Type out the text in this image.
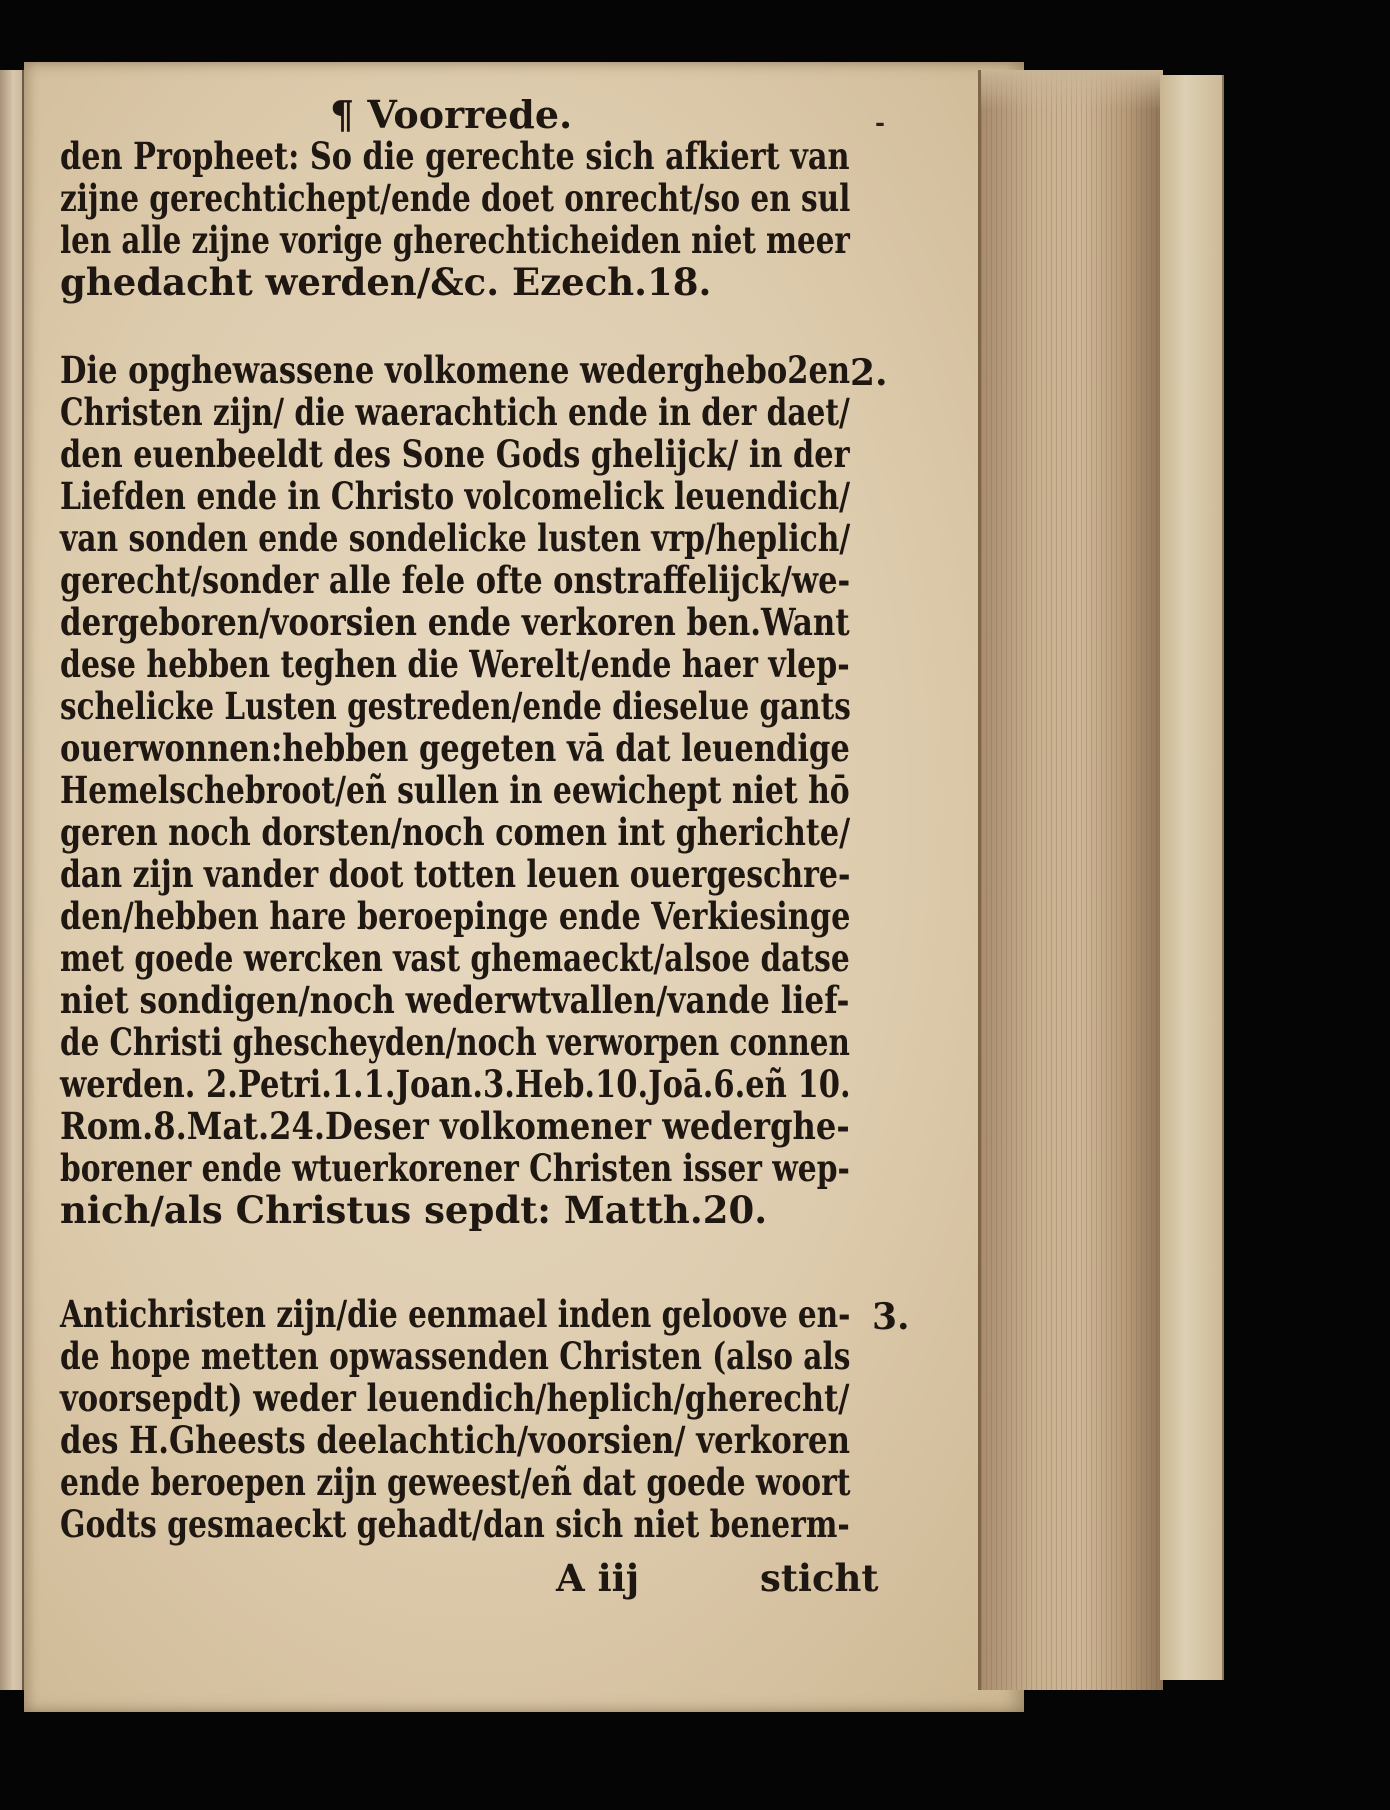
¶ Voorrede.	-
den Propheet: So die gerechte sich afkiert van
zijne gerechtichept/ende doet onrecht/so en sul
len alle zijne vorige gherechticheiden niet meer
ghedacht werden/&c. Ezech.18.
2.
Die opghewassene volkomene wederghebo2en
Christen zijn/ die waerachtich ende in der daet/
den euenbeeldt des Sone Gods ghelijck/ in der
Liefden ende in Christo volcomelick leuendich/
van sonden ende sondelicke lusten vrp/heplich/
gerecht/sonder alle fele ofte onstraffelijck/we-
dergeboren/voorsien ende verkoren ben.Want
dese hebben teghen die Werelt/ende haer vlep-
schelicke Lusten gestreden/ende dieselue gants
ouerwonnen:hebben gegeten vā dat leuendige
Hemelschebroot/eñ sullen in eewichept niet hō
geren noch dorsten/noch comen int gherichte/
dan zijn vander doot totten leuen ouergeschre-
den/hebben hare beroepinge ende Verkiesinge
met goede wercken vast ghemaeckt/alsoe datse
niet sondigen/noch wederwtvallen/vande lief-
de Christi ghescheyden/noch verworpen connen
werden. 2.Petri.1.1.Joan.3.Heb.10.Joā.6.eñ 10.
Rom.8.Mat.24.Deser volkomener wederghe-
borener ende wtuerkorener Christen isser wep-
nich/als Christus sepdt: Matth.20.
3.
Antichristen zijn/die eenmael inden geloove en-
de hope metten opwassenden Christen (also als
voorsepdt) weder leuendich/heplich/gherecht/
des H.Gheests deelachtich/voorsien/ verkoren
ende beroepen zijn geweest/eñ dat goede woort
Godts gesmaeckt gehadt/dan sich niet benerm-
A iij	sticht
